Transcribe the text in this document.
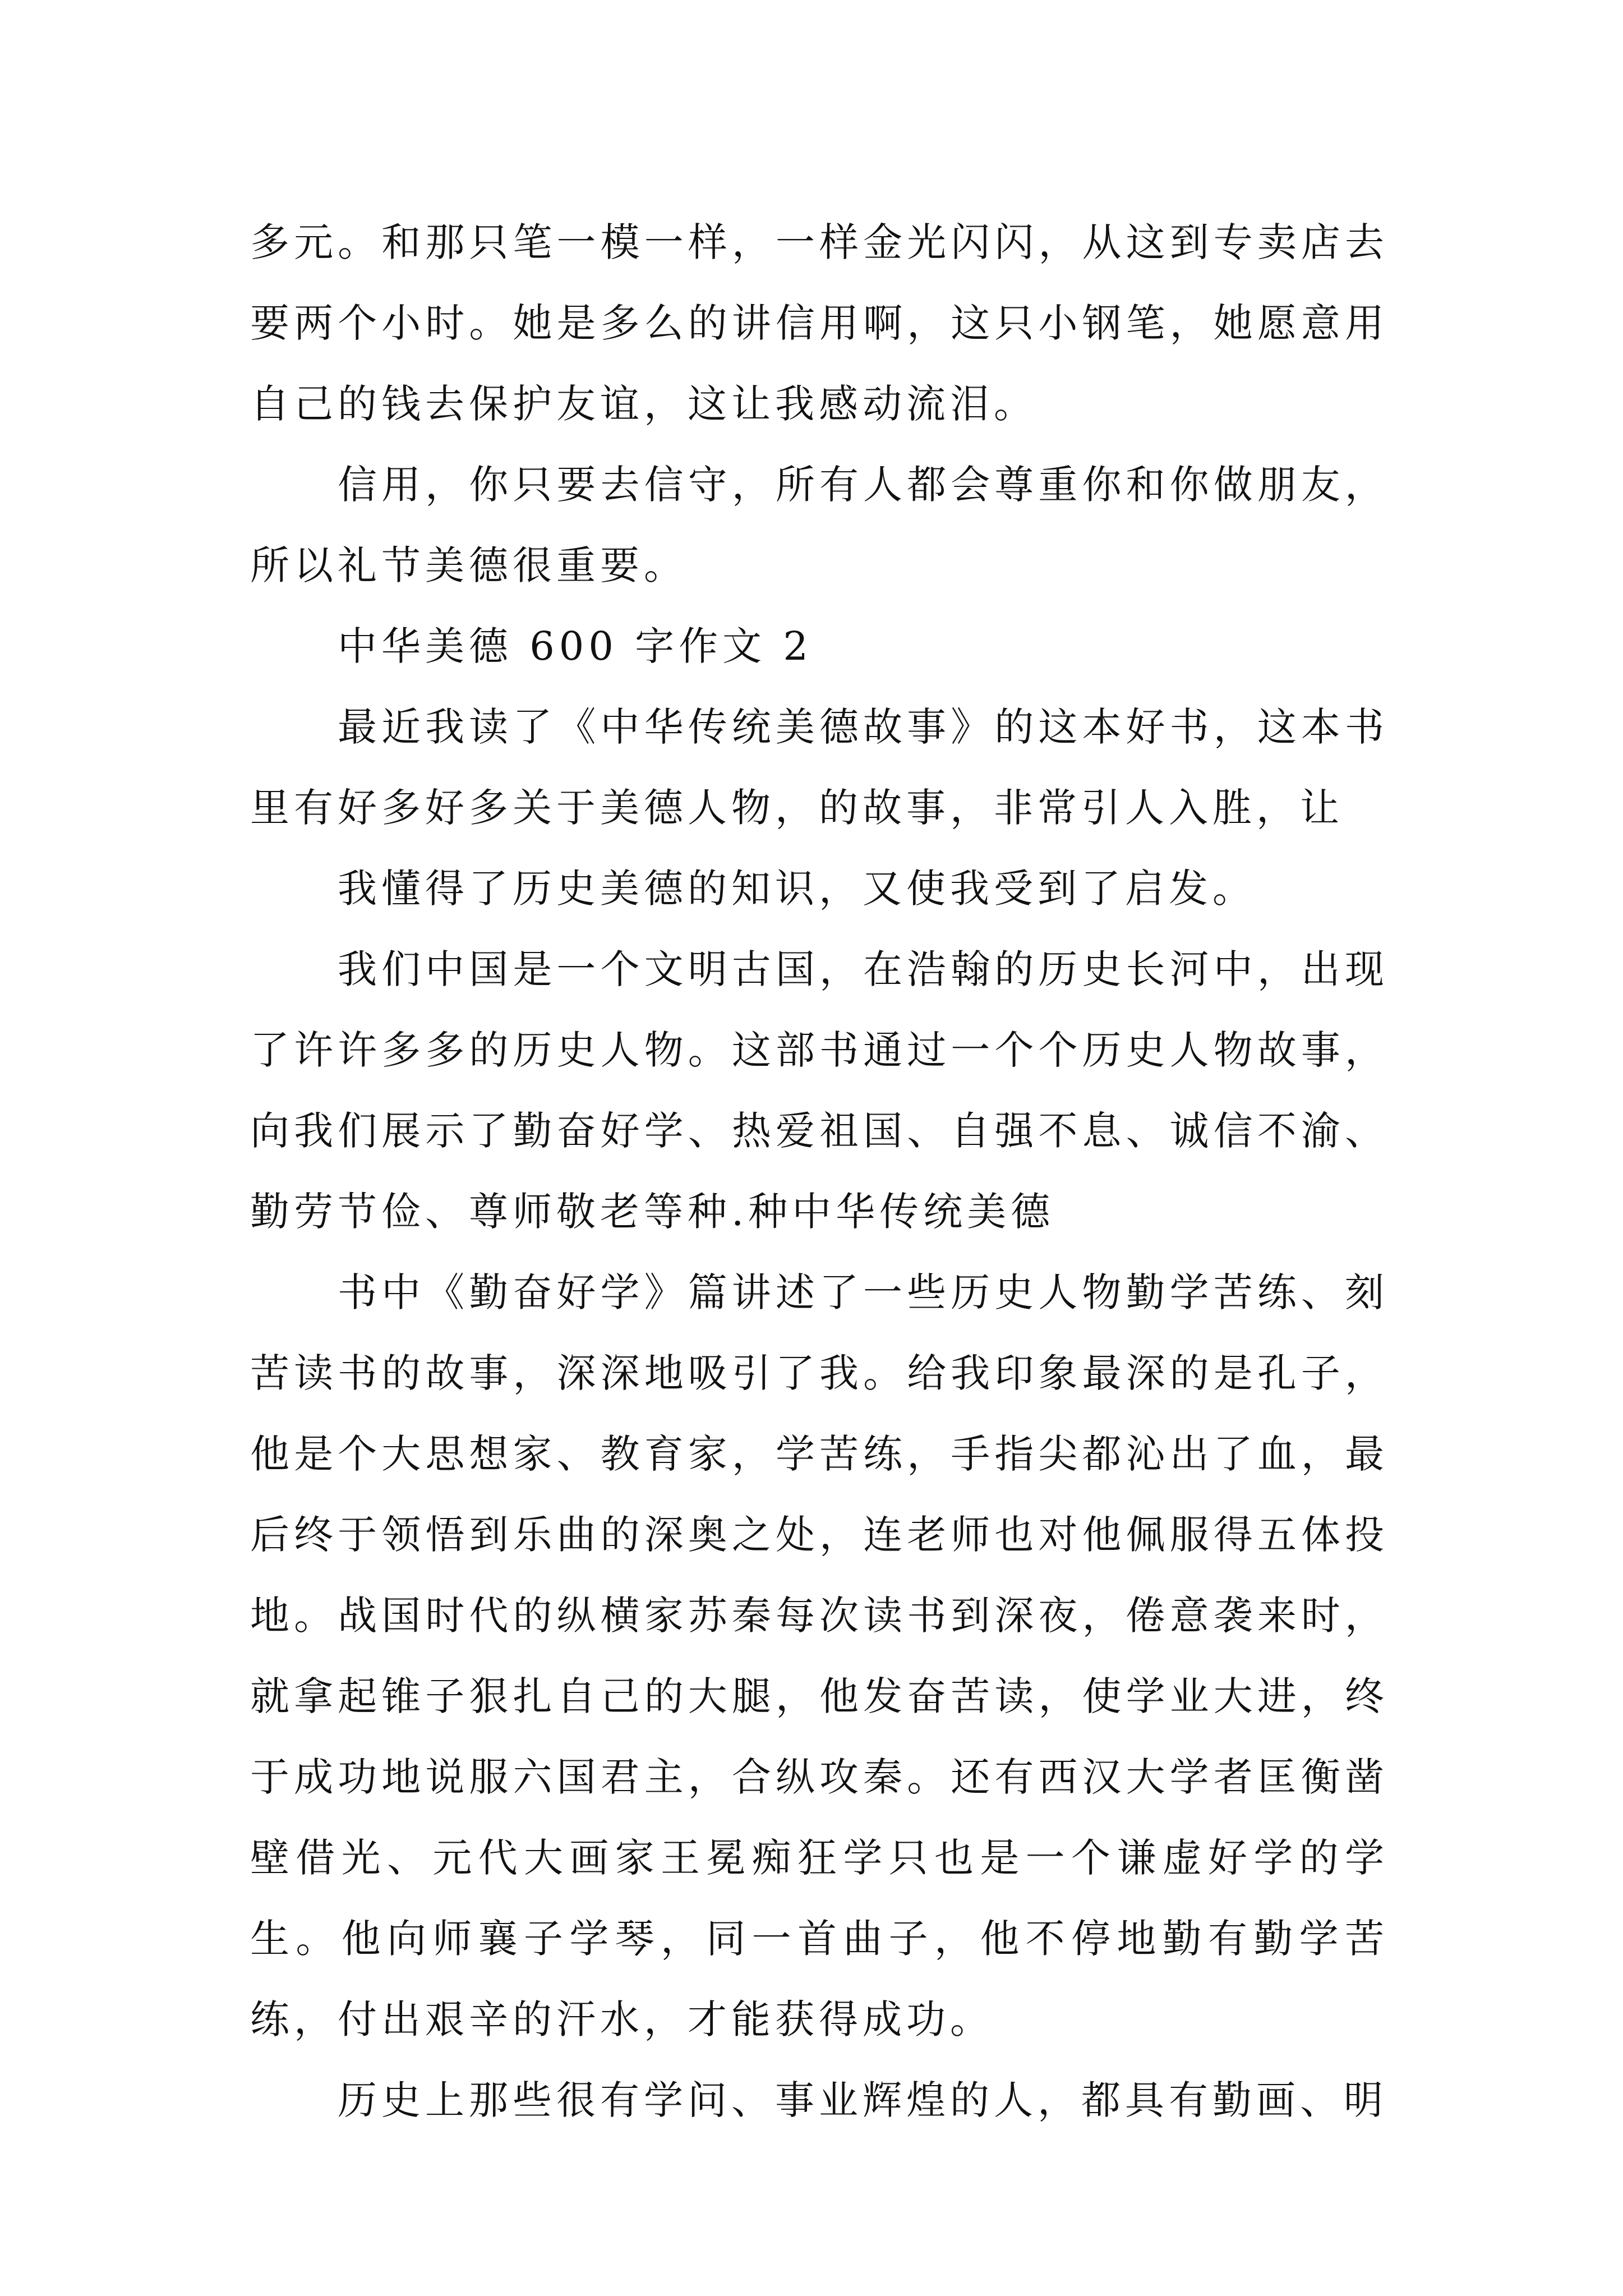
多元。和那只笔一模一样，一样金光闪闪，从这到专卖店去要两个小时。她是多么的讲信用啊，这只小钢笔，她愿意用自己的钱去保护友谊，这让我感动流泪。

信用，你只要去信守，所有人都会尊重你和你做朋友，所以礼节美德很重要。

中华美德 600 字作文 2

最近我读了《中华传统美德故事》的这本好书，这本书里有好多好多关于美德人物，的故事，非常引人入胜，让

我懂得了历史美德的知识，又使我受到了启发。

我们中国是一个文明古国，在浩翰的历史长河中，出现了许许多多的历史人物。这部书通过一个个历史人物故事，向我们展示了勤奋好学、热爱祖国、自强不息、诚信不渝、勤劳节俭、尊师敬老等种.种中华传统美德

书中《勤奋好学》篇讲述了一些历史人物勤学苦练、刻苦读书的故事，深深地吸引了我。给我印象最深的是孔子，他是个大思想家、教育家，学苦练，手指尖都沁出了血，最后终于领悟到乐曲的深奥之处，连老师也对他佩服得五体投地。战国时代的纵横家苏秦每次读书到深夜，倦意袭来时，就拿起锥子狠扎自己的大腿，他发奋苦读，使学业大进，终于成功地说服六国君主，合纵攻秦。还有西汉大学者匡衡凿壁借光、元代大画家王冕痴狂学只也是一个谦虚好学的学生。他向师襄子学琴，同一首曲子，他不停地勤有勤学苦练，付出艰辛的汗水，才能获得成功。

历史上那些很有学问、事业辉煌的人，都具有勤画、明
